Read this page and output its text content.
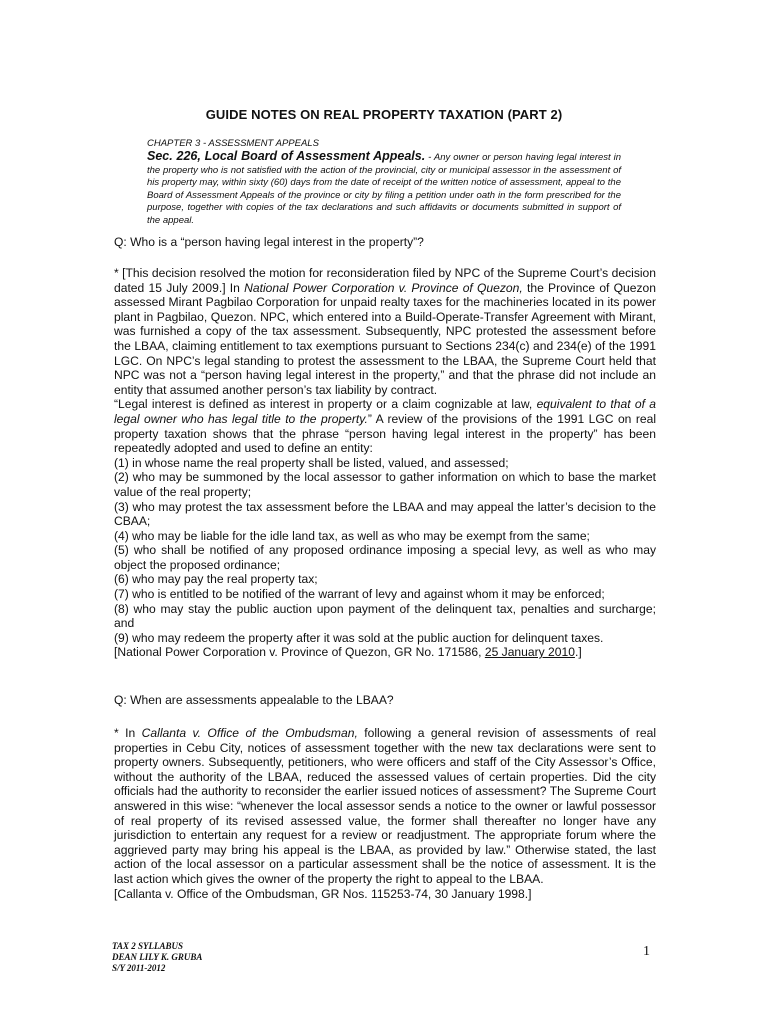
GUIDE NOTES ON REAL PROPERTY TAXATION (PART 2)
CHAPTER 3 - ASSESSMENT APPEALS
Sec. 226, Local Board of Assessment Appeals. - Any owner or person having legal interest in the property who is not satisfied with the action of the provincial, city or municipal assessor in the assessment of his property may, within sixty (60) days from the date of receipt of the written notice of assessment, appeal to the Board of Assessment Appeals of the province or city by filing a petition under oath in the form prescribed for the purpose, together with copies of the tax declarations and such affidavits or documents submitted in support of the appeal.
Q: Who is a “person having legal interest in the property”?

* [This decision resolved the motion for reconsideration filed by NPC of the Supreme Court’s decision dated 15 July 2009.] In National Power Corporation v. Province of Quezon, the Province of Quezon assessed Mirant Pagbilao Corporation for unpaid realty taxes for the machineries located in its power plant in Pagbilao, Quezon. NPC, which entered into a Build-Operate-Transfer Agreement with Mirant, was furnished a copy of the tax assessment. Subsequently, NPC protested the assessment before the LBAA, claiming entitlement to tax exemptions pursuant to Sections 234(c) and 234(e) of the 1991 LGC. On NPC’s legal standing to protest the assessment to the LBAA, the Supreme Court held that NPC was not a “person having legal interest in the property,” and that the phrase did not include an entity that assumed another person’s tax liability by contract.

“Legal interest is defined as interest in property or a claim cognizable at law, equivalent to that of a legal owner who has legal title to the property.” A review of the provisions of the 1991 LGC on real property taxation shows that the phrase “person having legal interest in the property” has been repeatedly adopted and used to define an entity:

(1) in whose name the real property shall be listed, valued, and assessed;

(2) who may be summoned by the local assessor to gather information on which to base the market value of the real property;

(3) who may protest the tax assessment before the LBAA and may appeal the latter’s decision to the CBAA;

(4) who may be liable for the idle land tax, as well as who may be exempt from the same;

(5) who shall be notified of any proposed ordinance imposing a special levy, as well as who may object the proposed ordinance;

(6) who may pay the real property tax;

(7) who is entitled to be notified of the warrant of levy and against whom it may be enforced;

(8) who may stay the public auction upon payment of the delinquent tax, penalties and surcharge; and

(9) who may redeem the property after it was sold at the public auction for delinquent taxes.

[National Power Corporation v. Province of Quezon, GR No. 171586, 25 January 2010.]

Q: When are assessments appealable to the LBAA?

* In Callanta v. Office of the Ombudsman, following a general revision of assessments of real properties in Cebu City, notices of assessment together with the new tax declarations were sent to property owners. Subsequently, petitioners, who were officers and staff of the City Assessor’s Office, without the authority of the LBAA, reduced the assessed values of certain properties. Did the city officials had the authority to reconsider the earlier issued notices of assessment? The Supreme Court answered in this wise: “whenever the local assessor sends a notice to the owner or lawful possessor of real property of its revised assessed value, the former shall thereafter no longer have any jurisdiction to entertain any request for a review or readjustment. The appropriate forum where the aggrieved party may bring his appeal is the LBAA, as provided by law.” Otherwise stated, the last action of the local assessor on a particular assessment shall be the notice of assessment. It is the last action which gives the owner of the property the right to appeal to the LBAA.

[Callanta v. Office of the Ombudsman, GR Nos. 115253-74, 30 January 1998.]

TAX 2 SYLLABUS
DEAN LILY K. GRUBA
S/Y 2011-2012
1
